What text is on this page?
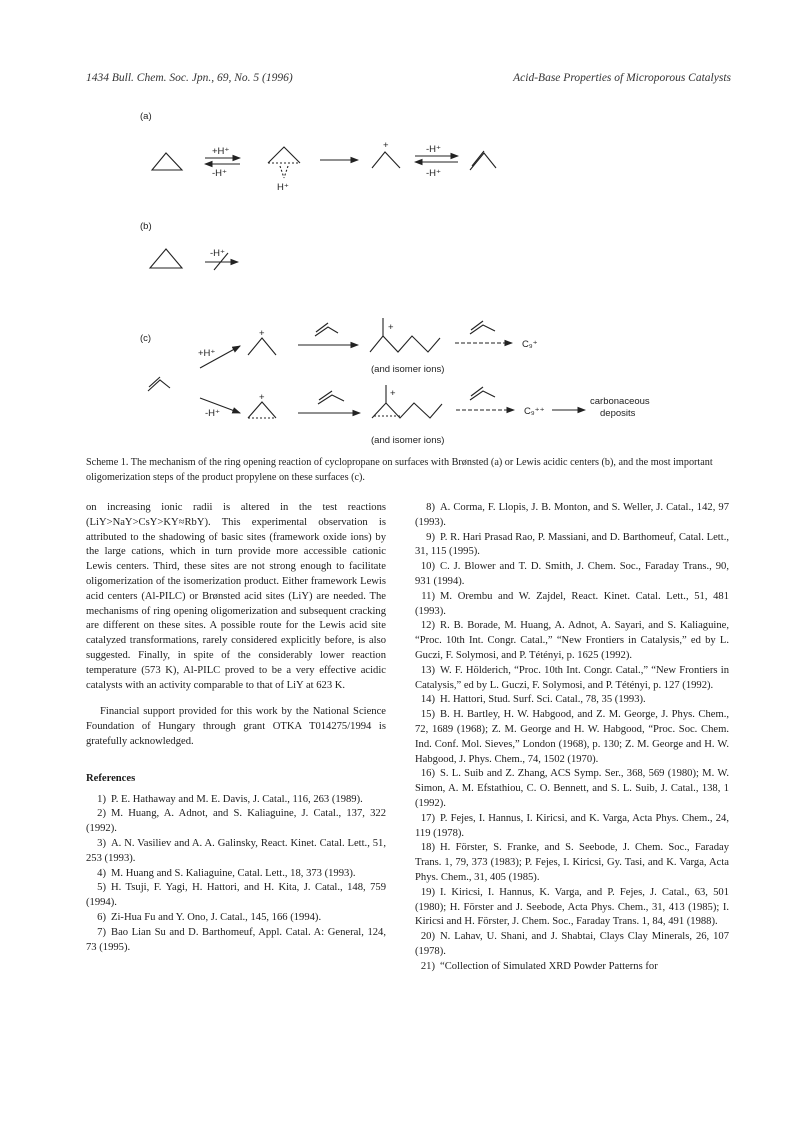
1434 Bull. Chem. Soc. Jpn., 69, No. 5 (1996)	Acid-Base Properties of Microporous Catalysts
(a)
(b)
(c)
+H⁺
-H⁺
H⁺
-H⁺
-H⁺
+
-H⁺
+H⁺
-H⁺
+
+
+
+
(and isomer ions)
(and isomer ions)
C₉⁺
C₉⁺⁺
carbonaceous
deposits
Scheme 1. The mechanism of the ring opening reaction of cyclopropane on surfaces with Brønsted (a) or Lewis acidic centers (b), and the most important oligomerization steps of the product propylene on these surfaces (c).

on increasing ionic radii is altered in the test reactions (LiY>NaY>CsY>KY≈RbY). This experimental observation is attributed to the shadowing of basic sites (framework oxide ions) by the large cations, which in turn provide more accessible cationic Lewis centers. Third, these sites are not strong enough to facilitate oligomerization of the isomerization product. Either framework Lewis acid centers (Al-PILC) or Brønsted acid sites (LiY) are needed. The mechanisms of ring opening oligomerization and subsequent cracking are different on these sites. A possible route for the Lewis acid site catalyzed transformations, rarely considered explicitly before, is also suggested. Finally, in spite of the considerably lower reaction temperature (573 K), Al-PILC proved to be a very effective acidic catalysts with an activity comparable to that of LiY at 623 K.

Financial support provided for this work by the National Science Foundation of Hungary through grant OTKA T014275/1994 is gratefully acknowledged.

References

1) P. E. Hathaway and M. E. Davis, J. Catal., 116, 263 (1989).

2) M. Huang, A. Adnot, and S. Kaliaguine, J. Catal., 137, 322 (1992).

3) A. N. Vasiliev and A. A. Galinsky, React. Kinet. Catal. Lett., 51, 253 (1993).

4) M. Huang and S. Kaliaguine, Catal. Lett., 18, 373 (1993).

5) H. Tsuji, F. Yagi, H. Hattori, and H. Kita, J. Catal., 148, 759 (1994).

6) Zi-Hua Fu and Y. Ono, J. Catal., 145, 166 (1994).

7) Bao Lian Su and D. Barthomeuf, Appl. Catal. A: General, 124, 73 (1995).

8) A. Corma, F. Llopis, J. B. Monton, and S. Weller, J. Catal., 142, 97 (1993).

9) P. R. Hari Prasad Rao, P. Massiani, and D. Barthomeuf, Catal. Lett., 31, 115 (1995).

10) C. J. Blower and T. D. Smith, J. Chem. Soc., Faraday Trans., 90, 931 (1994).

11) M. Orembu and W. Zajdel, React. Kinet. Catal. Lett., 51, 481 (1993).

12) R. B. Borade, M. Huang, A. Adnot, A. Sayari, and S. Kaliaguine, “Proc. 10th Int. Congr. Catal.,” “New Frontiers in Catalysis,” ed by L. Guczi, F. Solymosi, and P. Tétényi, p. 1625 (1992).

13) W. F. Hölderich, “Proc. 10th Int. Congr. Catal.,” “New Frontiers in Catalysis,” ed by L. Guczi, F. Solymosi, and P. Tétényi, p. 127 (1992).

14) H. Hattori, Stud. Surf. Sci. Catal., 78, 35 (1993).

15) B. H. Bartley, H. W. Habgood, and Z. M. George, J. Phys. Chem., 72, 1689 (1968); Z. M. George and H. W. Habgood, “Proc. Soc. Chem. Ind. Conf. Mol. Sieves,” London (1968), p. 130; Z. M. George and H. W. Habgood, J. Phys. Chem., 74, 1502 (1970).

16) S. L. Suib and Z. Zhang, ACS Symp. Ser., 368, 569 (1980); M. W. Simon, A. M. Efstathiou, C. O. Bennett, and S. L. Suib, J. Catal., 138, 1 (1992).

17) P. Fejes, I. Hannus, I. Kiricsi, and K. Varga, Acta Phys. Chem., 24, 119 (1978).

18) H. Förster, S. Franke, and S. Seebode, J. Chem. Soc., Faraday Trans. 1, 79, 373 (1983); P. Fejes, I. Kiricsi, Gy. Tasi, and K. Varga, Acta Phys. Chem., 31, 405 (1985).

19) I. Kiricsi, I. Hannus, K. Varga, and P. Fejes, J. Catal., 63, 501 (1980); H. Förster and J. Seebode, Acta Phys. Chem., 31, 413 (1985); I. Kiricsi and H. Förster, J. Chem. Soc., Faraday Trans. 1, 84, 491 (1988).

20) N. Lahav, U. Shani, and J. Shabtai, Clays Clay Minerals, 26, 107 (1978).

21) “Collection of Simulated XRD Powder Patterns for
